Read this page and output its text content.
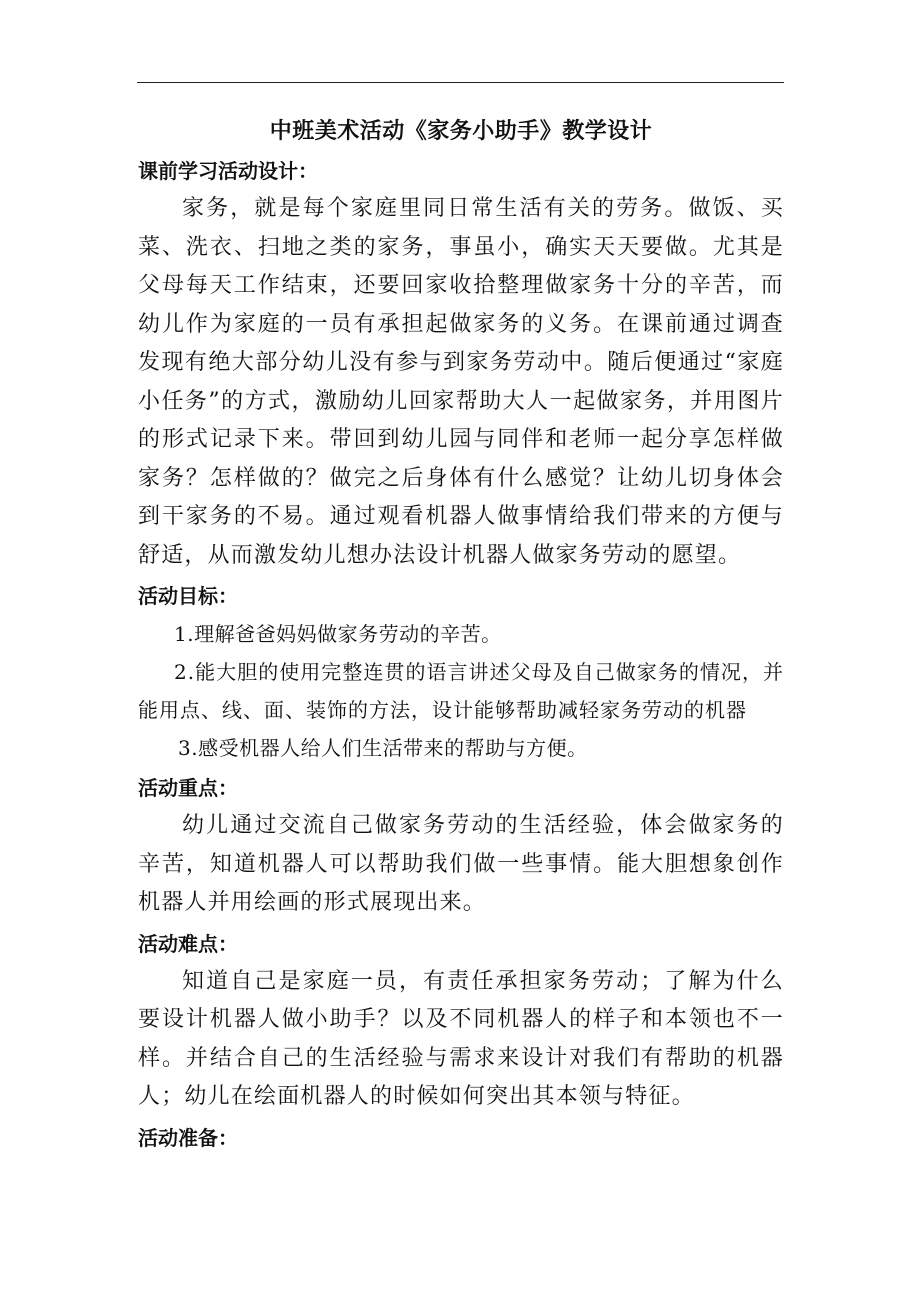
中班美术活动《家务小助手》教学设计
课前学习活动设计：

家务，就是每个家庭里同日常生活有关的劳务。做饭、买菜、洗衣、扫地之类的家务，事虽小，确实天天要做。尤其是父母每天工作结束，还要回家收拾整理做家务十分的辛苦，而幼儿作为家庭的一员有承担起做家务的义务。在课前通过调查发现有绝大部分幼儿没有参与到家务劳动中。随后便通过“家庭小任务”的方式，激励幼儿回家帮助大人一起做家务，并用图片的形式记录下来。带回到幼儿园与同伴和老师一起分享怎样做家务？怎样做的？做完之后身体有什么感觉？让幼儿切身体会到干家务的不易。通过观看机器人做事情给我们带来的方便与舒适，从而激发幼儿想办法设计机器人做家务劳动的愿望。

活动目标：

1.理解爸爸妈妈做家务劳动的辛苦。

2.能大胆的使用完整连贯的语言讲述父母及自己做家务的情况，并能用点、线、面、装饰的方法，设计能够帮助减轻家务劳动的机器

3.感受机器人给人们生活带来的帮助与方便。

活动重点：

幼儿通过交流自己做家务劳动的生活经验，体会做家务的辛苦，知道机器人可以帮助我们做一些事情。能大胆想象创作机器人并用绘画的形式展现出来。

活动难点：

知道自己是家庭一员，有责任承担家务劳动；了解为什么要设计机器人做小助手？以及不同机器人的样子和本领也不一样。并结合自己的生活经验与需求来设计对我们有帮助的机器人；幼儿在绘面机器人的时候如何突出其本领与特征。

活动准备：
